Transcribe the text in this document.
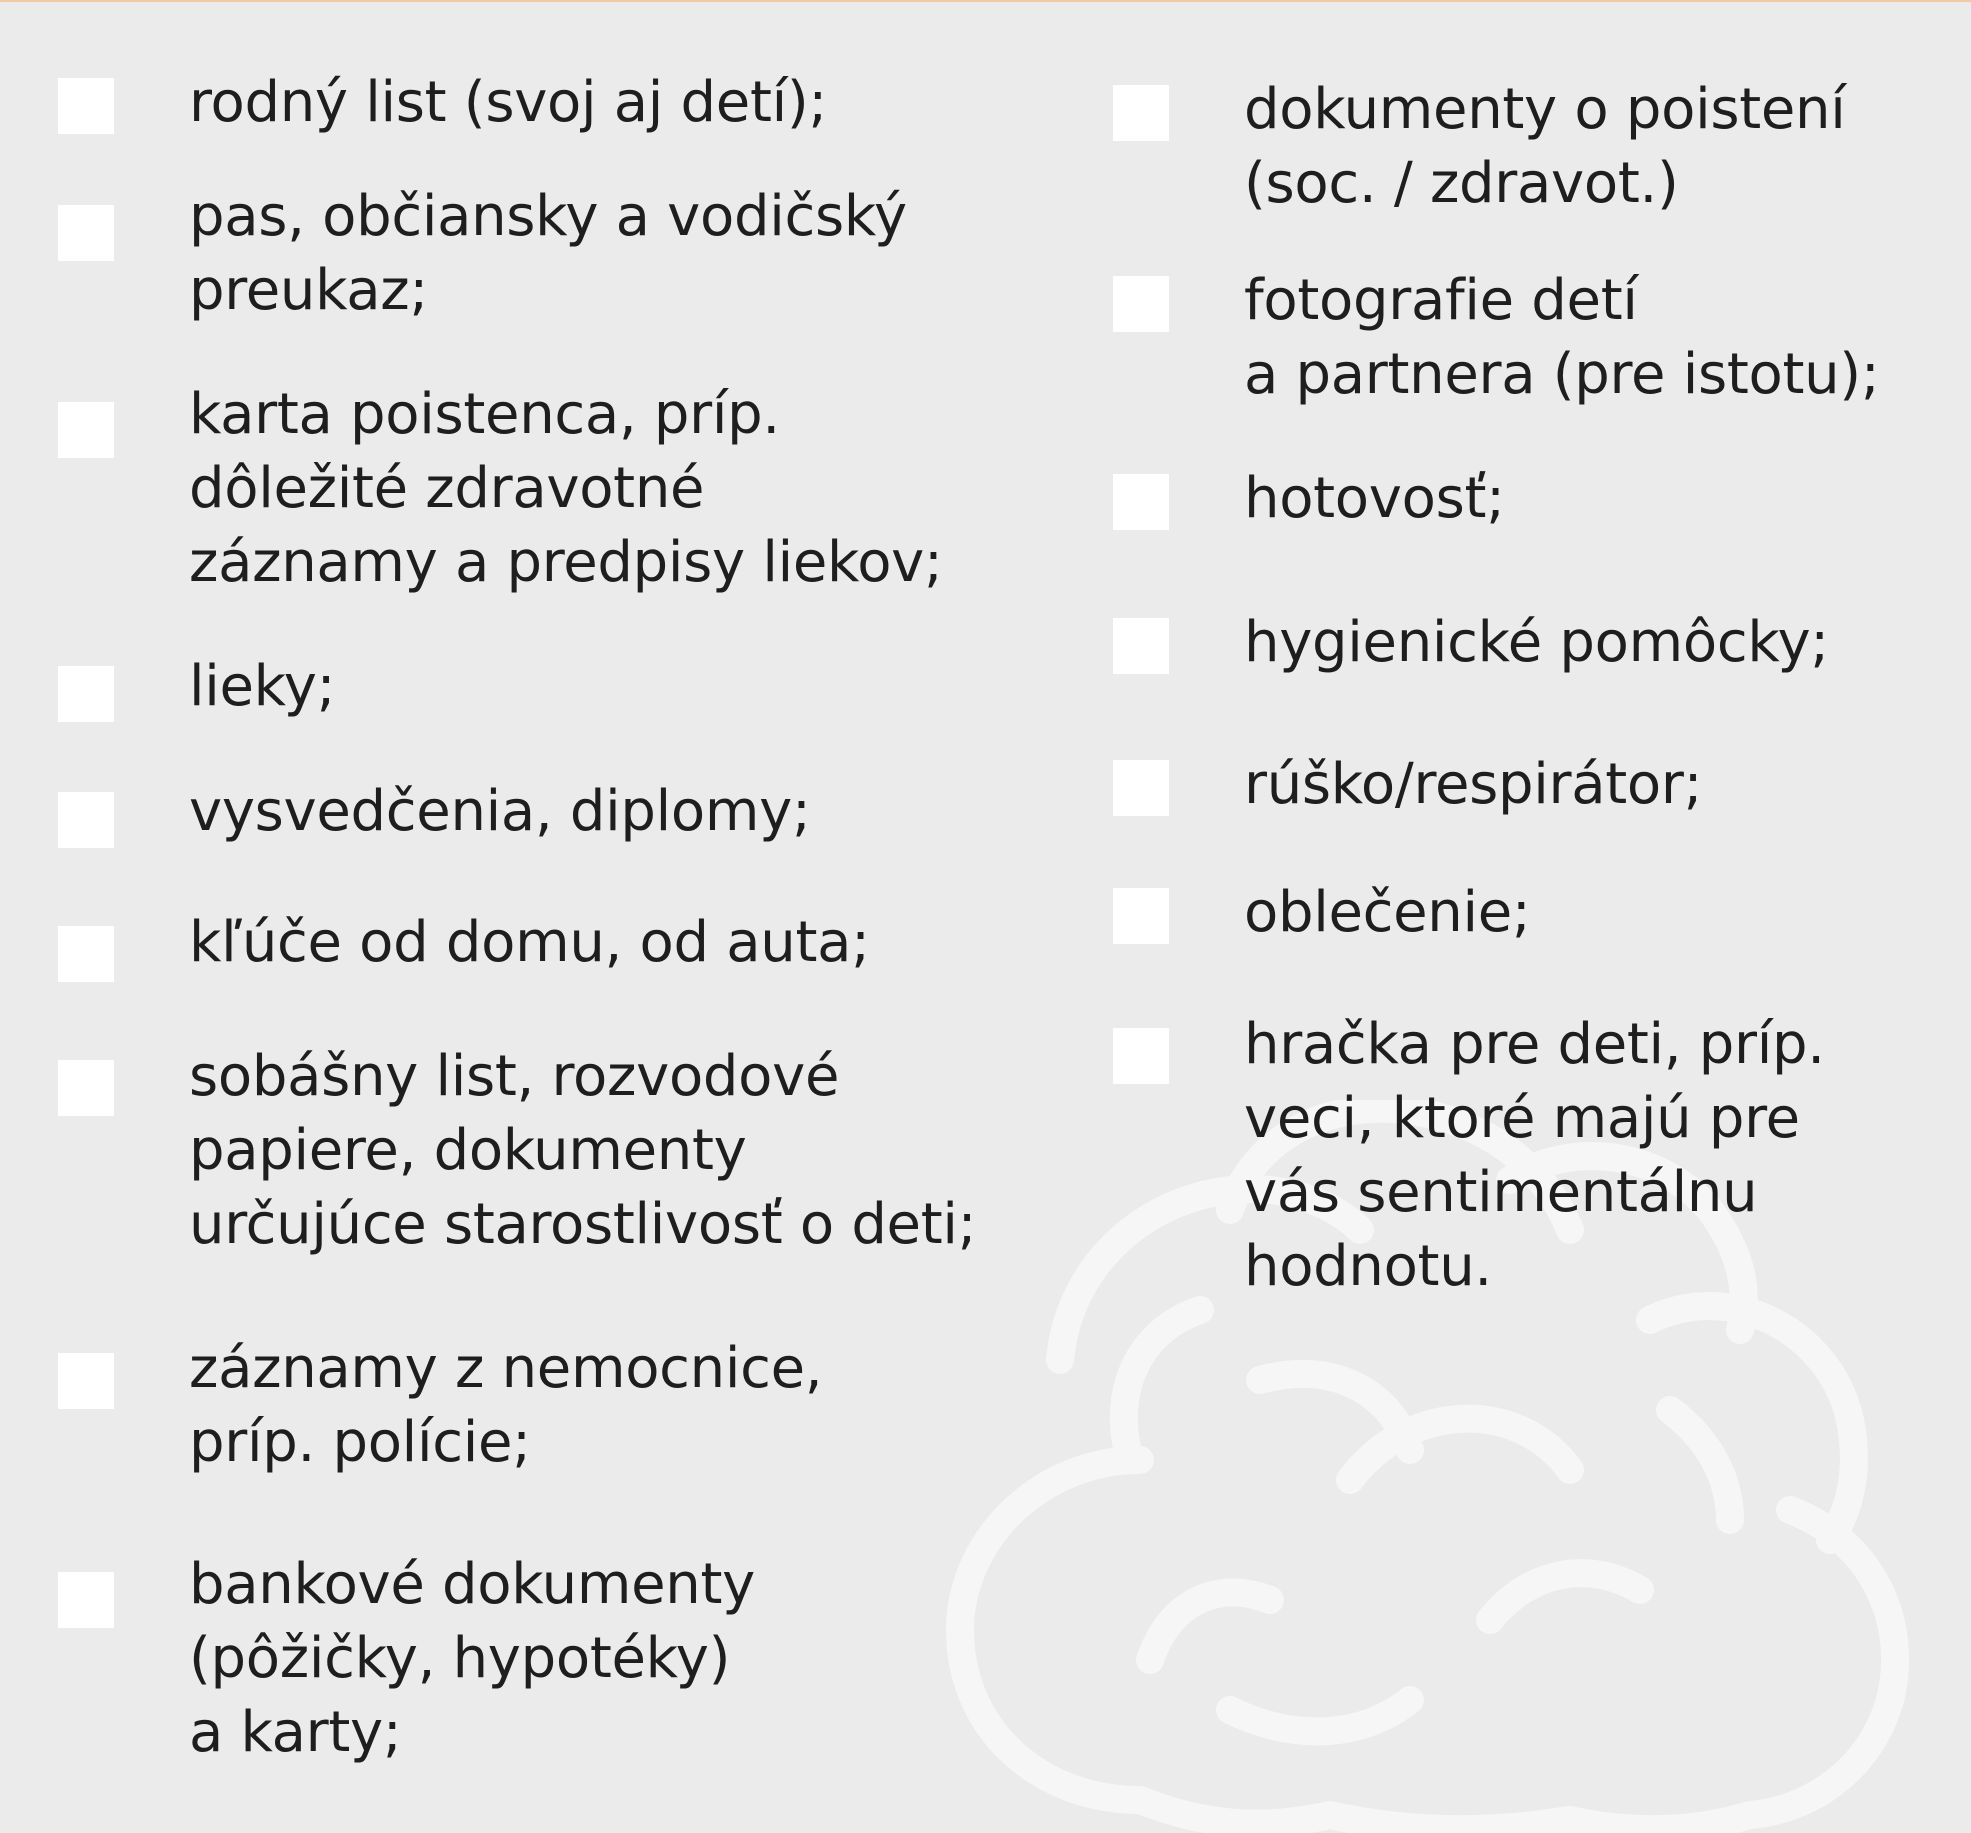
rodný list (svoj aj detí);
pas, občiansky a vodičský
preukaz;
karta poistenca, príp.
dôležité zdravotné
záznamy a predpisy liekov;
lieky;
vysvedčenia, diplomy;
kľúče od domu, od auta;
sobášny list, rozvodové
papiere, dokumenty
určujúce starostlivosť o deti;
záznamy z nemocnice,
príp. polície;
bankové dokumenty
(pôžičky, hypotéky)
a karty;
dokumenty o poistení
(soc. / zdravot.)
fotografie detí
a partnera (pre istotu);
hotovosť;
hygienické pomôcky;
rúško/respirátor;
oblečenie;
hračka pre deti, príp.
veci, ktoré majú pre
vás sentimentálnu
hodnotu.
